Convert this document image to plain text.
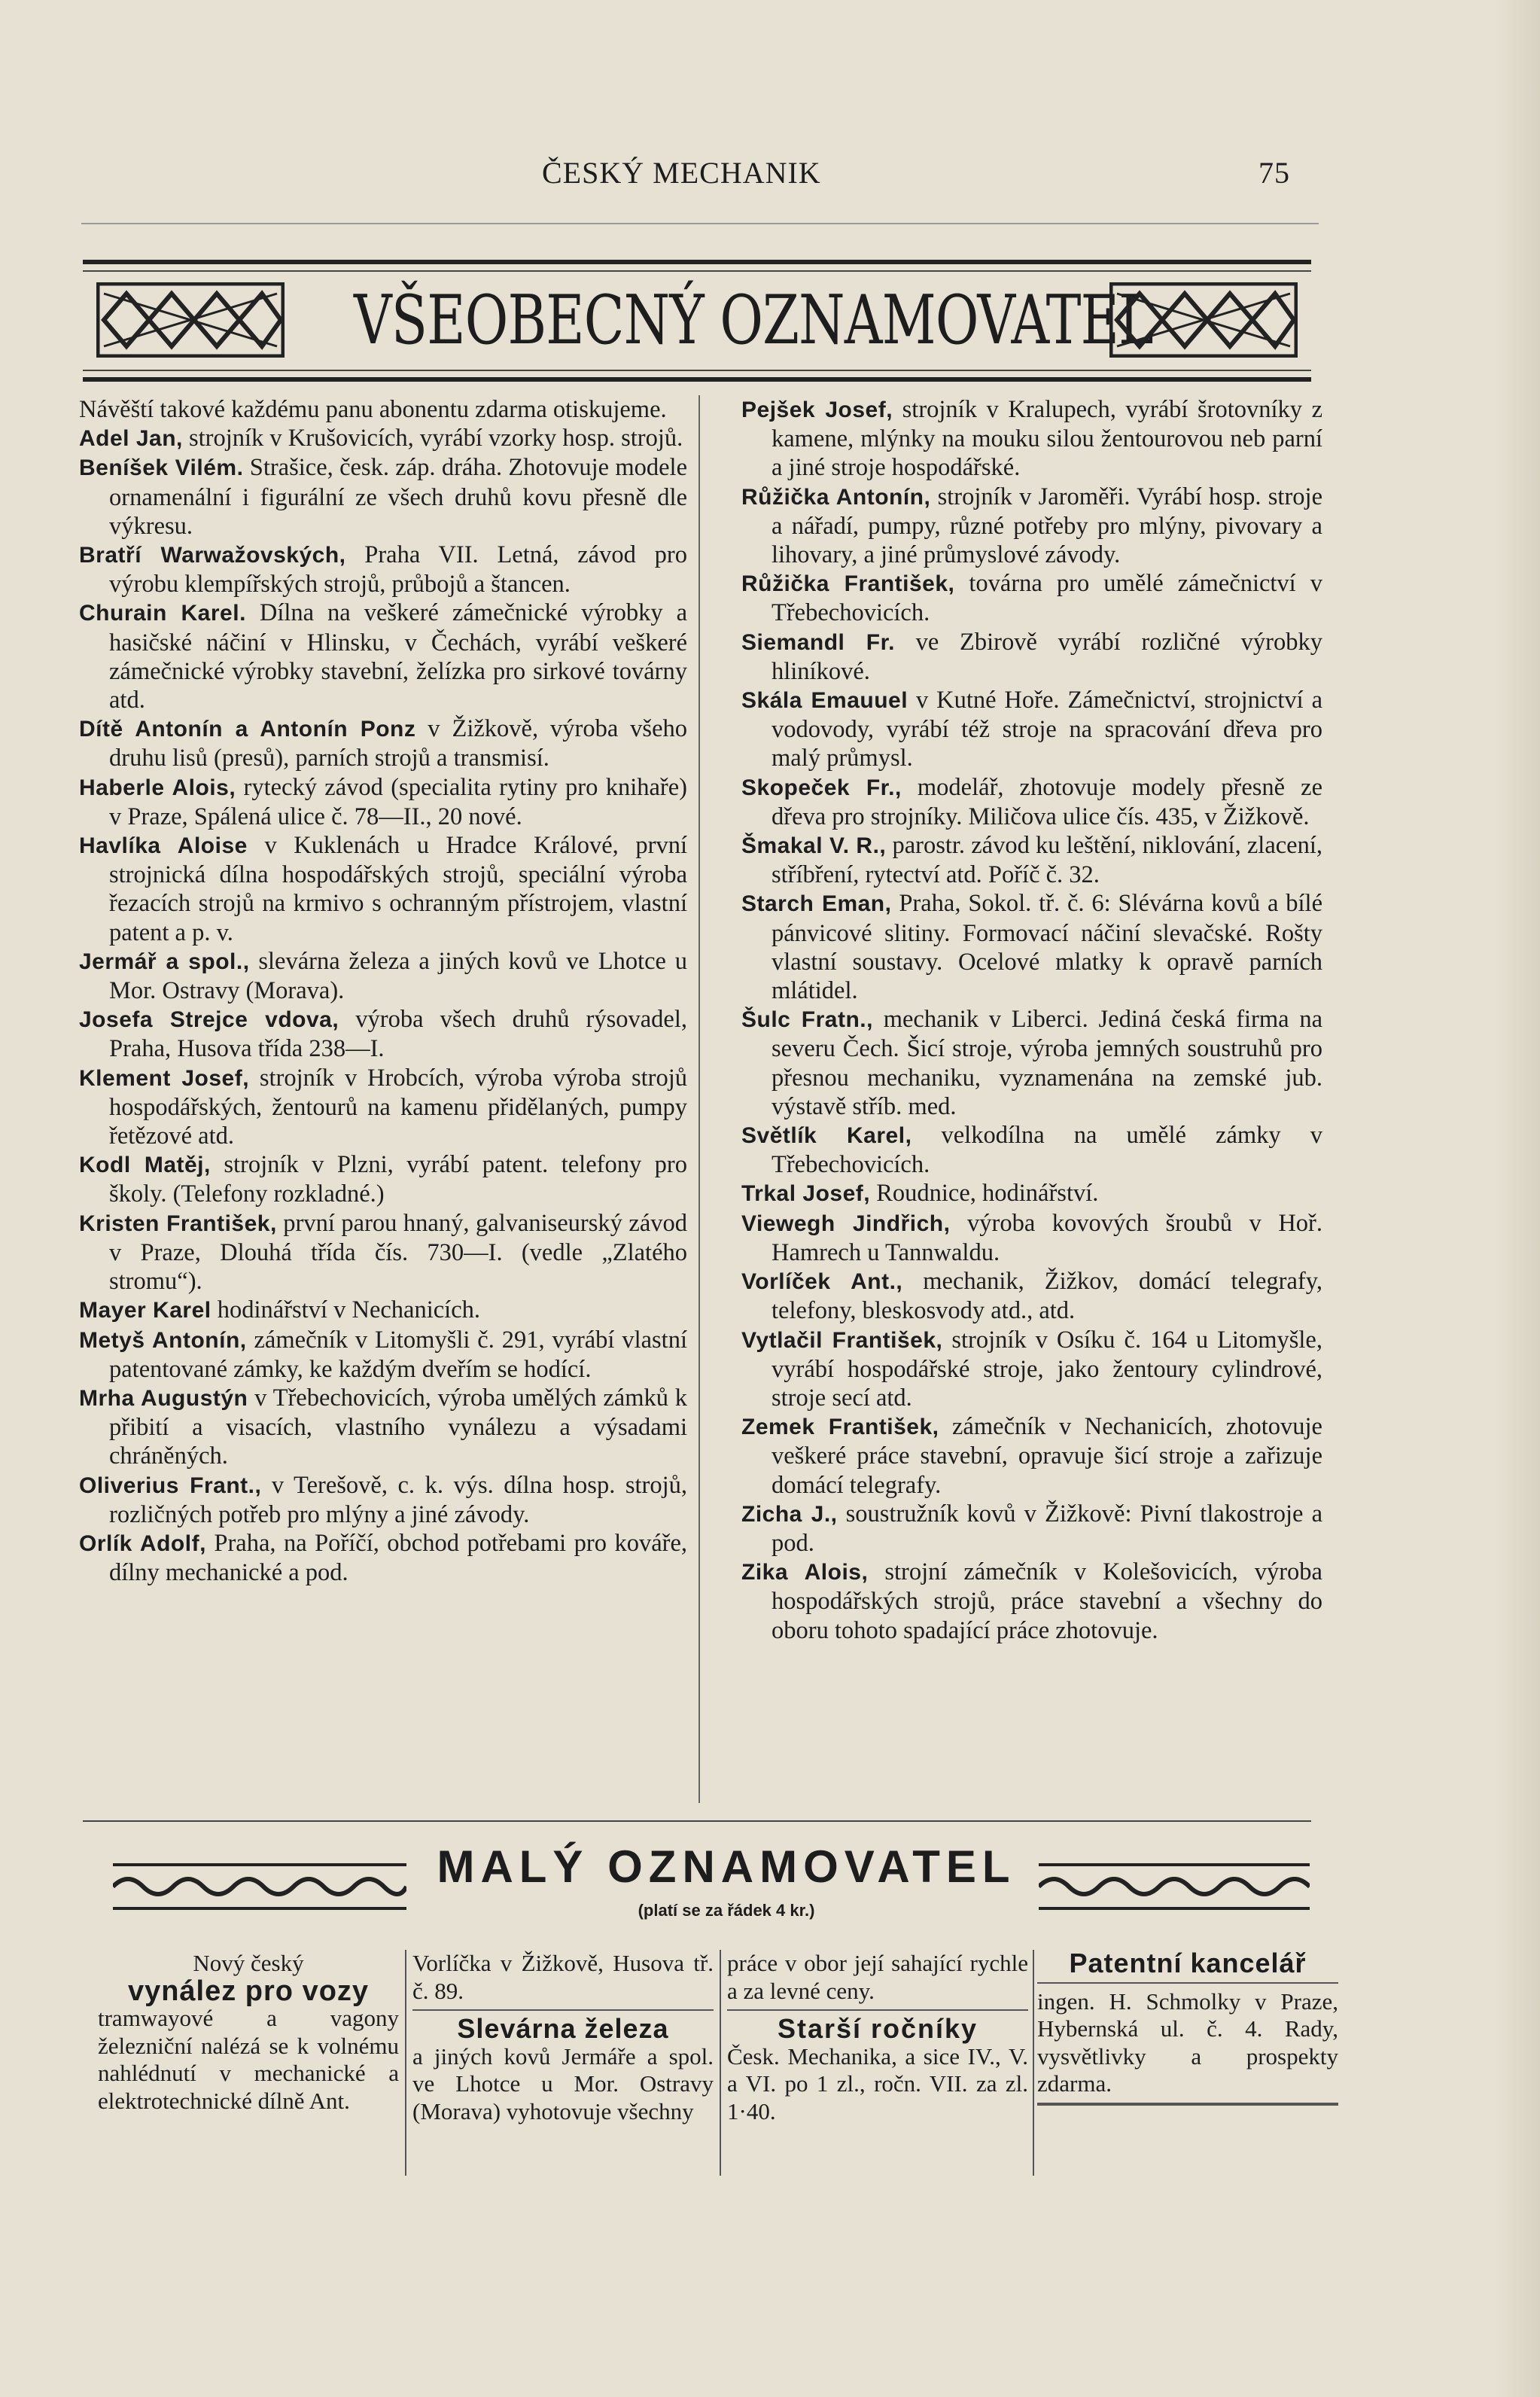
ČESKÝ MECHANIK	75
VŠEOBECNÝ OZNAMOVATEL
Návěští takové každému panu abonentu zdarma otiskujeme.
Adel Jan, strojník v Krušovicích, vyrábí vzorky hosp. strojů.
Beníšek Vilém. Strašice, česk. záp. dráha. Zhotovuje modele ornamenální i figurální ze všech druhů kovu přesně dle výkresu.
Bratří Warwažovských, Praha VII. Letná, závod pro výrobu klempířských strojů, průbojů a štancen.
Churain Karel. Dílna na veškeré zámečnické výrobky a hasičské náčiní v Hlinsku, v Čechách, vyrábí veškeré zámečnické výrobky stavební, želízka pro sirkové továrny atd.
Dítě Antonín a Antonín Ponz v Žižkově, výroba všeho druhu lisů (presů), parních strojů a transmisí.
Haberle Alois, rytecký závod (specialita rytiny pro knihaře) v Praze, Spálená ulice č. 78—II., 20 nové.
Havlíka Aloise v Kuklenách u Hradce Králové, první strojnická dílna hospodářských strojů, speciální výroba řezacích strojů na krmivo s ochranným přístrojem, vlastní patent a p. v.
Jermář a spol., slevárna železa a jiných kovů ve Lhotce u Mor. Ostravy (Morava).
Josefa Strejce vdova, výroba všech druhů rýsovadel, Praha, Husova třída 238—I.
Klement Josef, strojník v Hrobcích, výroba výroba strojů hospodářských, žentourů na kamenu přidělaných, pumpy řetězové atd.
Kodl Matěj, strojník v Plzni, vyrábí patent. telefony pro školy. (Telefony rozkladné.)
Kristen František, první parou hnaný, galvaniseurský závod v Praze, Dlouhá třída čís. 730—I. (vedle „Zlatého stromu“).
Mayer Karel hodinářství v Nechanicích.
Metyš Antonín, zámečník v Litomyšli č. 291, vyrábí vlastní patentované zámky, ke každým dveřím se hodící.
Mrha Augustýn v Třebechovicích, výroba umělých zámků k přibití a visacích, vlastního vynálezu a výsadami chráněných.
Oliverius Frant., v Terešově, c. k. výs. dílna hosp. strojů, rozličných potřeb pro mlýny a jiné závody.
Orlík Adolf, Praha, na Poříčí, obchod potřebami pro kováře, dílny mechanické a pod.
Pejšek Josef, strojník v Kralupech, vyrábí šrotovníky z kamene, mlýnky na mouku silou žentourovou neb parní a jiné stroje hospodářské.
Růžička Antonín, strojník v Jaroměři. Vyrábí hosp. stroje a nářadí, pumpy, různé potřeby pro mlýny, pivovary a lihovary, a jiné průmyslové závody.
Růžička František, továrna pro umělé zámečnictví v Třebechovicích.
Siemandl Fr. ve Zbirově vyrábí rozličné výrobky hliníkové.
Skála Emauuel v Kutné Hoře. Zámečnictví, strojnictví a vodovody, vyrábí též stroje na spracování dřeva pro malý průmysl.
Skopeček Fr., modelář, zhotovuje modely přesně ze dřeva pro strojníky. Miličova ulice čís. 435, v Žižkově.
Šmakal V. R., parostr. závod ku leštění, niklování, zlacení, stříbření, rytectví atd. Poříč č. 32.
Starch Eman, Praha, Sokol. tř. č. 6: Slévárna kovů a bílé pánvicové slitiny. Formovací náčiní slevačské. Rošty vlastní soustavy. Ocelové mlatky k opravě parních mlátidel.
Šulc Fratn., mechanik v Liberci. Jediná česká firma na severu Čech. Šicí stroje, výroba jemných soustruhů pro přesnou mechaniku, vyznamenána na zemské jub. výstavě stříb. med.
Světlík Karel, velkodílna na umělé zámky v Třebechovicích.
Trkal Josef, Roudnice, hodinářství.
Viewegh Jindřich, výroba kovových šroubů v Hoř. Hamrech u Tannwaldu.
Vorlíček Ant., mechanik, Žižkov, domácí telegrafy, telefony, bleskosvody atd., atd.
Vytlačil František, strojník v Osíku č. 164 u Litomyšle, vyrábí hospodářské stroje, jako žentoury cylindrové, stroje secí atd.
Zemek František, zámečník v Nechanicích, zhotovuje veškeré práce stavební, opravuje šicí stroje a zařizuje domácí telegrafy.
Zicha J., soustružník kovů v Žižkově: Pivní tlakostroje a pod.
Zika Alois, strojní zámečník v Kolešovicích, výroba hospodářských strojů, práce stavební a všechny do oboru tohoto spadající práce zhotovuje.
MALÝ OZNAMOVATEL
(platí se za řádek 4 kr.)
Nový český
vynález pro vozy
tramwayové a vagony železniční nalézá se k volnému nahlédnutí v mechanické a elektrotechnické dílně Ant.
Vorlíčka v Žižkově, Husova tř. č. 89.
Slevárna železa
a jiných kovů Jermáře a spol. ve Lhotce u Mor. Ostravy (Morava) vyhotovuje všechny
práce v obor její sahající rychle a za levné ceny.
Starší ročníky
Česk. Mechanika, a sice IV., V. a VI. po 1 zl., ročn. VII. za zl. 1·40.
Patentní kancelář
ingen. H. Schmolky v Praze, Hybernská ul. č. 4. Rady, vysvětlivky a prospekty zdarma.
